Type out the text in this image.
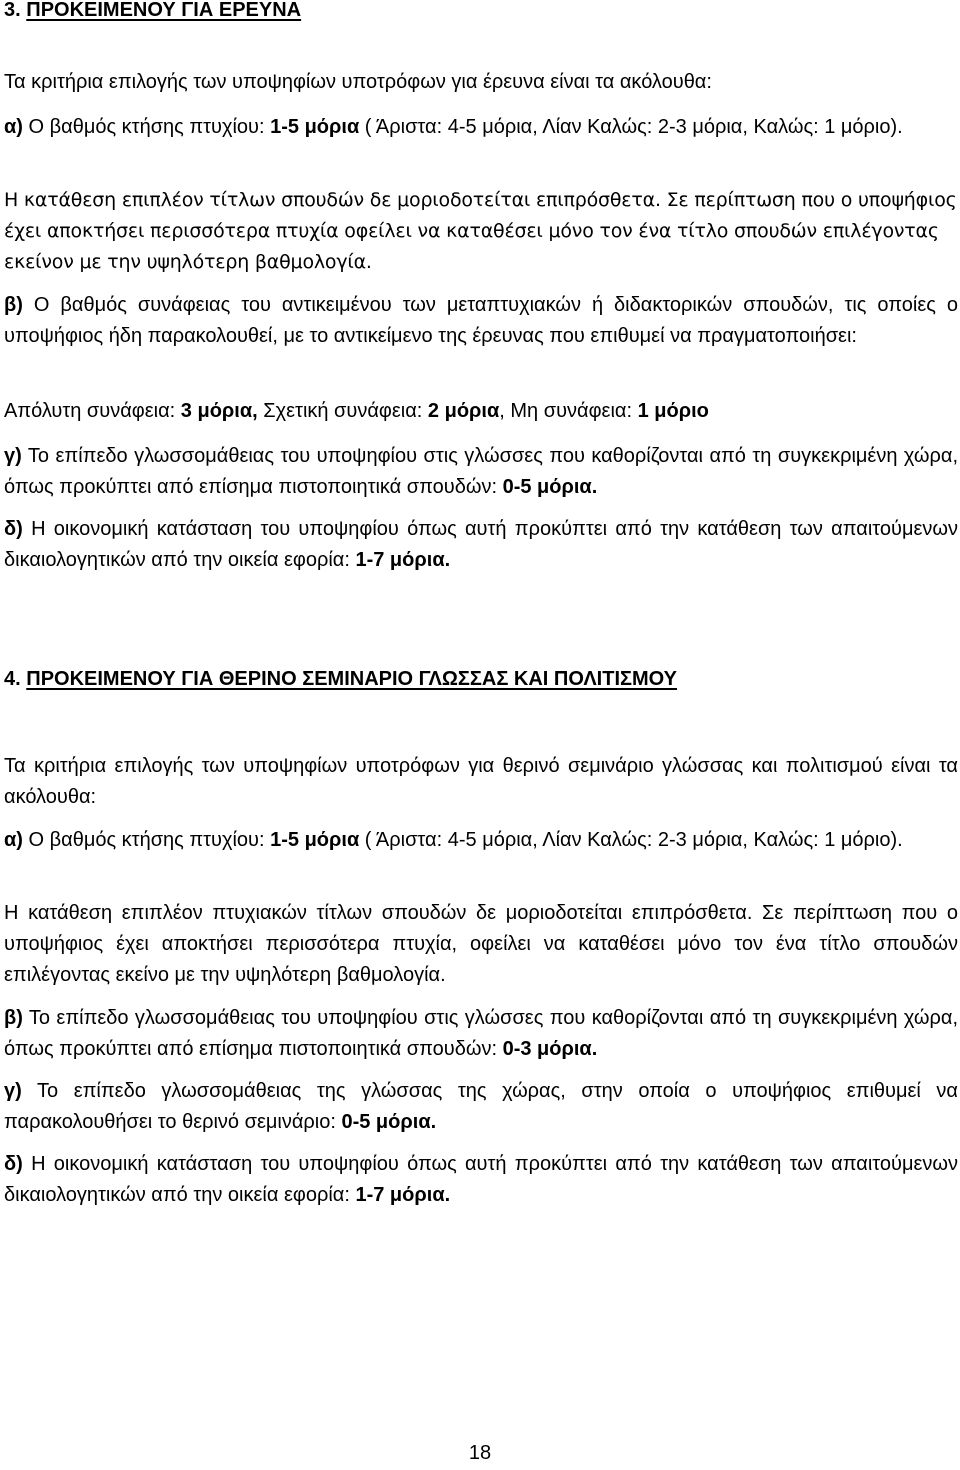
3. ΠΡΟΚΕΙΜΕΝΟΥ ΓΙΑ ΕΡΕΥΝΑ

Τα κριτήρια επιλογής των υποψηφίων υποτρόφων για έρευνα είναι τα ακόλουθα:

α) Ο βαθμός κτήσης πτυχίου: 1-5 μόρια ( Άριστα: 4-5 μόρια, Λίαν Καλώς: 2-3 μόρια, Καλώς: 1 μόριο).

Η κατάθεση επιπλέον τίτλων σπουδών δε μοριοδοτείται επιπρόσθετα. Σε περίπτωση που ο υποψήφιος έχει αποκτήσει περισσότερα πτυχία οφείλει να καταθέσει μόνο τον ένα τίτλο σπουδών επιλέγοντας εκείνον με την υψηλότερη βαθμολογία.

β) Ο βαθμός συνάφειας του αντικειμένου των μεταπτυχιακών ή διδακτορικών σπουδών, τις οποίες ο υποψήφιος ήδη παρακολουθεί, με το αντικείμενο της έρευνας που επιθυμεί να πραγματοποιήσει:

Απόλυτη συνάφεια: 3 μόρια, Σχετική συνάφεια: 2 μόρια, Μη συνάφεια: 1 μόριο

γ) Το επίπεδο γλωσσομάθειας του υποψηφίου στις γλώσσες που καθορίζονται από τη συγκεκριμένη χώρα, όπως προκύπτει από επίσημα πιστοποιητικά σπουδών: 0-5 μόρια.

δ) Η οικονομική κατάσταση του υποψηφίου όπως αυτή προκύπτει από την κατάθεση των απαιτούμενων δικαιολογητικών από την οικεία εφορία: 1-7 μόρια.

4. ΠΡΟΚΕΙΜΕΝΟΥ ΓΙΑ ΘΕΡΙΝΟ ΣΕΜΙΝΑΡΙΟ ΓΛΩΣΣΑΣ ΚΑΙ ΠΟΛΙΤΙΣΜΟΥ

Τα κριτήρια επιλογής των υποψηφίων υποτρόφων για θερινό σεμινάριο γλώσσας και πολιτισμού είναι τα ακόλουθα:

α) Ο βαθμός κτήσης πτυχίου: 1-5 μόρια ( Άριστα: 4-5 μόρια, Λίαν Καλώς: 2-3 μόρια, Καλώς: 1 μόριο).

Η κατάθεση επιπλέον πτυχιακών τίτλων σπουδών δε μοριοδοτείται επιπρόσθετα. Σε περίπτωση που ο υποψήφιος έχει αποκτήσει περισσότερα πτυχία, οφείλει να καταθέσει μόνο τον ένα τίτλο σπουδών επιλέγοντας εκείνο με την υψηλότερη βαθμολογία.

β) Το επίπεδο γλωσσομάθειας του υποψηφίου στις γλώσσες που καθορίζονται από τη συγκεκριμένη χώρα, όπως προκύπτει από επίσημα πιστοποιητικά σπουδών: 0-3 μόρια.

γ) Το επίπεδο γλωσσομάθειας της γλώσσας της χώρας, στην οποία ο υποψήφιος επιθυμεί να παρακολουθήσει το θερινό σεμινάριο: 0-5 μόρια.

δ) Η οικονομική κατάσταση του υποψηφίου όπως αυτή προκύπτει από την κατάθεση των απαιτούμενων δικαιολογητικών από την οικεία εφορία: 1-7 μόρια.

18
